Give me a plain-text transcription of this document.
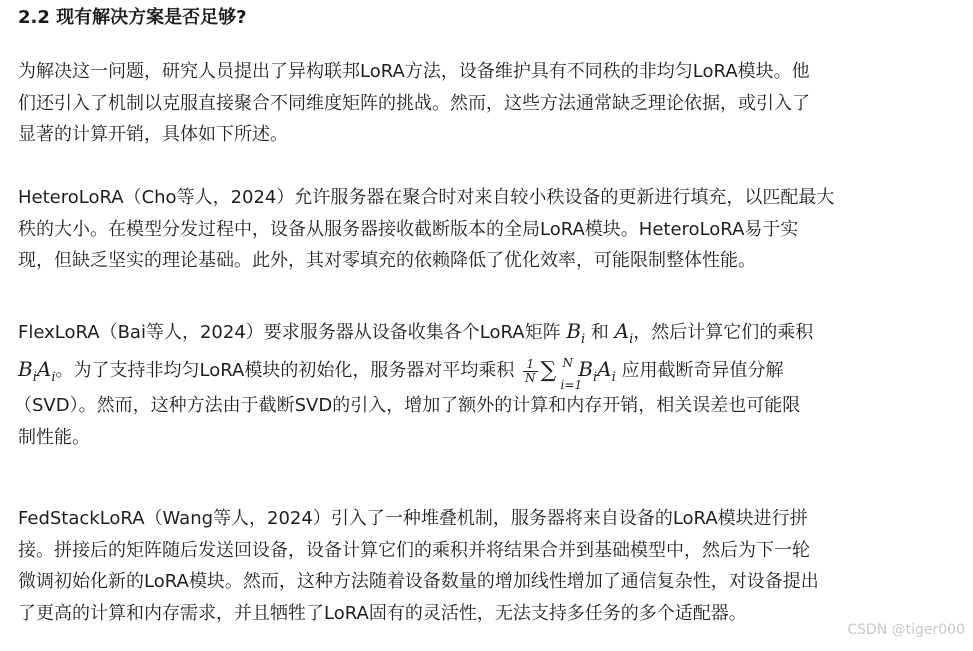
2.2 现有解决方案是否足够?
为解决这一问题，研究人员提出了异构联邦LoRA方法，设备维护具有不同秩的非均匀LoRA模块。他
们还引入了机制以克服直接聚合不同维度矩阵的挑战。然而，这些方法通常缺乏理论依据，或引入了
显著的计算开销，具体如下所述。
HeteroLoRA（Cho等人，2024）允许服务器在聚合时对来自较小秩设备的更新进行填充，以匹配最大
秩的大小。在模型分发过程中，设备从服务器接收截断版本的全局LoRA模块。HeteroLoRA易于实
现，但缺乏坚实的理论基础。此外，其对零填充的依赖降低了优化效率，可能限制整体性能。
FlexLoRA（Bai等人，2024）要求服务器从设备收集各个LoRA矩阵 $B_i$ 和 $A_i$，然后计算它们的乘积
$B_iA_i$。为了支持非均匀LoRA模块的初始化，服务器对平均乘积 $\frac{1}{N}$ ∑ N
i=1
$B_iA_i$ 应用截断奇异值分解
（SVD）。然而，这种方法由于截断SVD的引入，增加了额外的计算和内存开销，相关误差也可能限
制性能。
FedStackLoRA（Wang等人，2024）引入了一种堆叠机制，服务器将来自设备的LoRA模块进行拼
接。拼接后的矩阵随后发送回设备，设备计算它们的乘积并将结果合并到基础模型中，然后为下一轮
微调初始化新的LoRA模块。然而，这种方法随着设备数量的增加线性增加了通信复杂性，对设备提出
了更高的计算和内存需求，并且牺牲了LoRA固有的灵活性，无法支持多任务的多个适配器。
CSDN @tiger000
